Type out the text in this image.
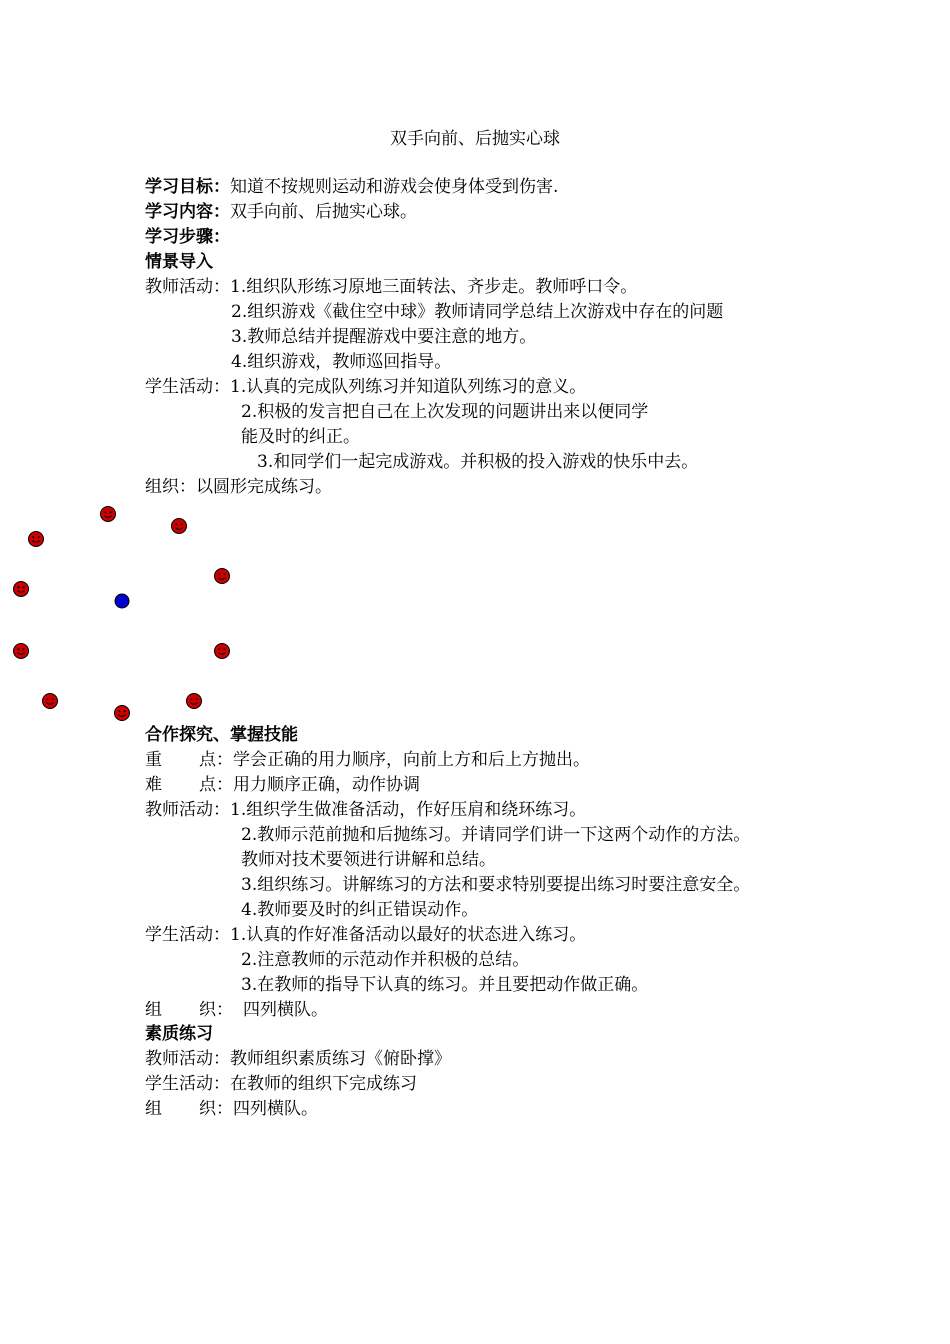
双手向前、后抛实心球
学习目标：知道不按规则运动和游戏会使身体受到伤害.
学习内容：双手向前、后抛实心球。
学习步骤：
情景导入
教师活动：1.组织队形练习原地三面转法、齐步走。教师呼口令。
2.组织游戏《截住空中球》教师请同学总结上次游戏中存在的问题
3.教师总结并提醒游戏中要注意的地方。
4.组织游戏，教师巡回指导。
学生活动：1.认真的完成队列练习并知道队列练习的意义。
2.积极的发言把自己在上次发现的问题讲出来以便同学
能及时的纠正。
3.和同学们一起完成游戏。并积极的投入游戏的快乐中去。
组织：以圆形完成练习。
合作探究、掌握技能
重 点：学会正确的用力顺序，向前上方和后上方抛出。
难 点：用力顺序正确，动作协调
教师活动：1.组织学生做准备活动，作好压肩和绕环练习。
2.教师示范前抛和后抛练习。并请同学们讲一下这两个动作的方法。
教师对技术要领进行讲解和总结。
3.组织练习。讲解练习的方法和要求特别要提出练习时要注意安全。
4.教师要及时的纠正错误动作。
学生活动：1.认真的作好准备活动以最好的状态进入练习。
2.注意教师的示范动作并积极的总结。
3.在教师的指导下认真的练习。并且要把动作做正确。
组 织： 四列横队。
素质练习
教师活动：教师组织素质练习《俯卧撑》
学生活动：在教师的组织下完成练习
组 织：四列横队。
